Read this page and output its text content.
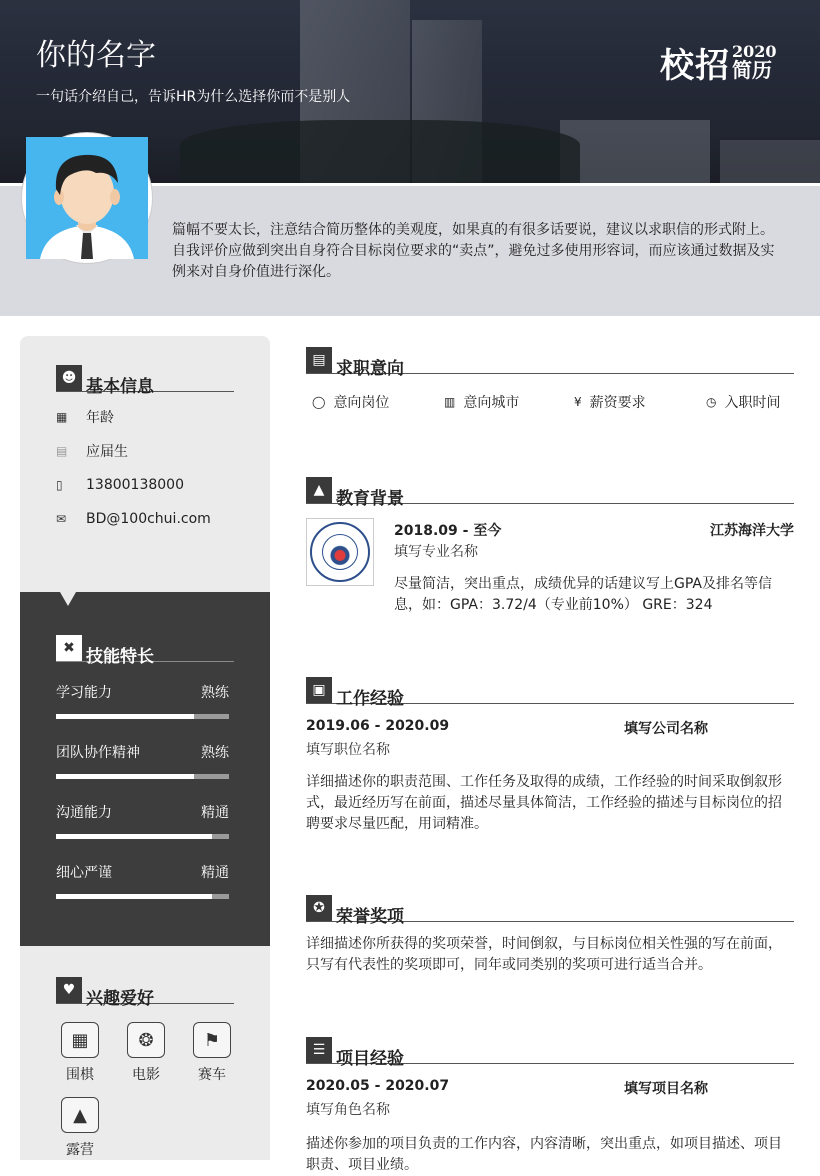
你的名字
一句话介绍自己，告诉HR为什么选择你而不是别人
校招 2020
简历
篇幅不要太长，注意结合简历整体的美观度，如果真的有很多话要说，建议以求职信的形式附上。自我评价应做到突出自身符合目标岗位要求的“卖点”，避免过多使用形容词，而应该通过数据及实例来对自身价值进行深化。
☻ 基本信息
▦	年龄
▤	应届生
▯	13800138000
✉	BD@100chui.com
✖ 技能特长
学习能力	熟练
团队协作精神	熟练
沟通能力	精通
细心严谨	精通
♥ 兴趣爱好
▦
围棋
❂
电影
⚑
赛车
▲
露营
▤ 求职意向
◯ 意向岗位	▥ 意向城市	¥ 薪资要求	◷ 入职时间
▲ 教育背景
2018.09 - 至今	江苏海洋大学
填写专业名称
尽量简洁，突出重点，成绩优异的话建议写上GPA及排名等信息，如：GPA：3.72/4（专业前10%） GRE：324
▣ 工作经验
2019.06 - 2020.09	填写公司名称
填写职位名称
详细描述你的职责范围、工作任务及取得的成绩，工作经验的时间采取倒叙形式，最近经历写在前面，描述尽量具体简洁，工作经验的描述与目标岗位的招聘要求尽量匹配，用词精准。
✪ 荣誉奖项
详细描述你所获得的奖项荣誉，时间倒叙，与目标岗位相关性强的写在前面，只写有代表性的奖项即可，同年或同类别的奖项可进行适当合并。
☰ 项目经验
2020.05 - 2020.07	填写项目名称
填写角色名称
描述你参加的项目负责的工作内容，内容清晰，突出重点，如项目描述、项目职责、项目业绩。
